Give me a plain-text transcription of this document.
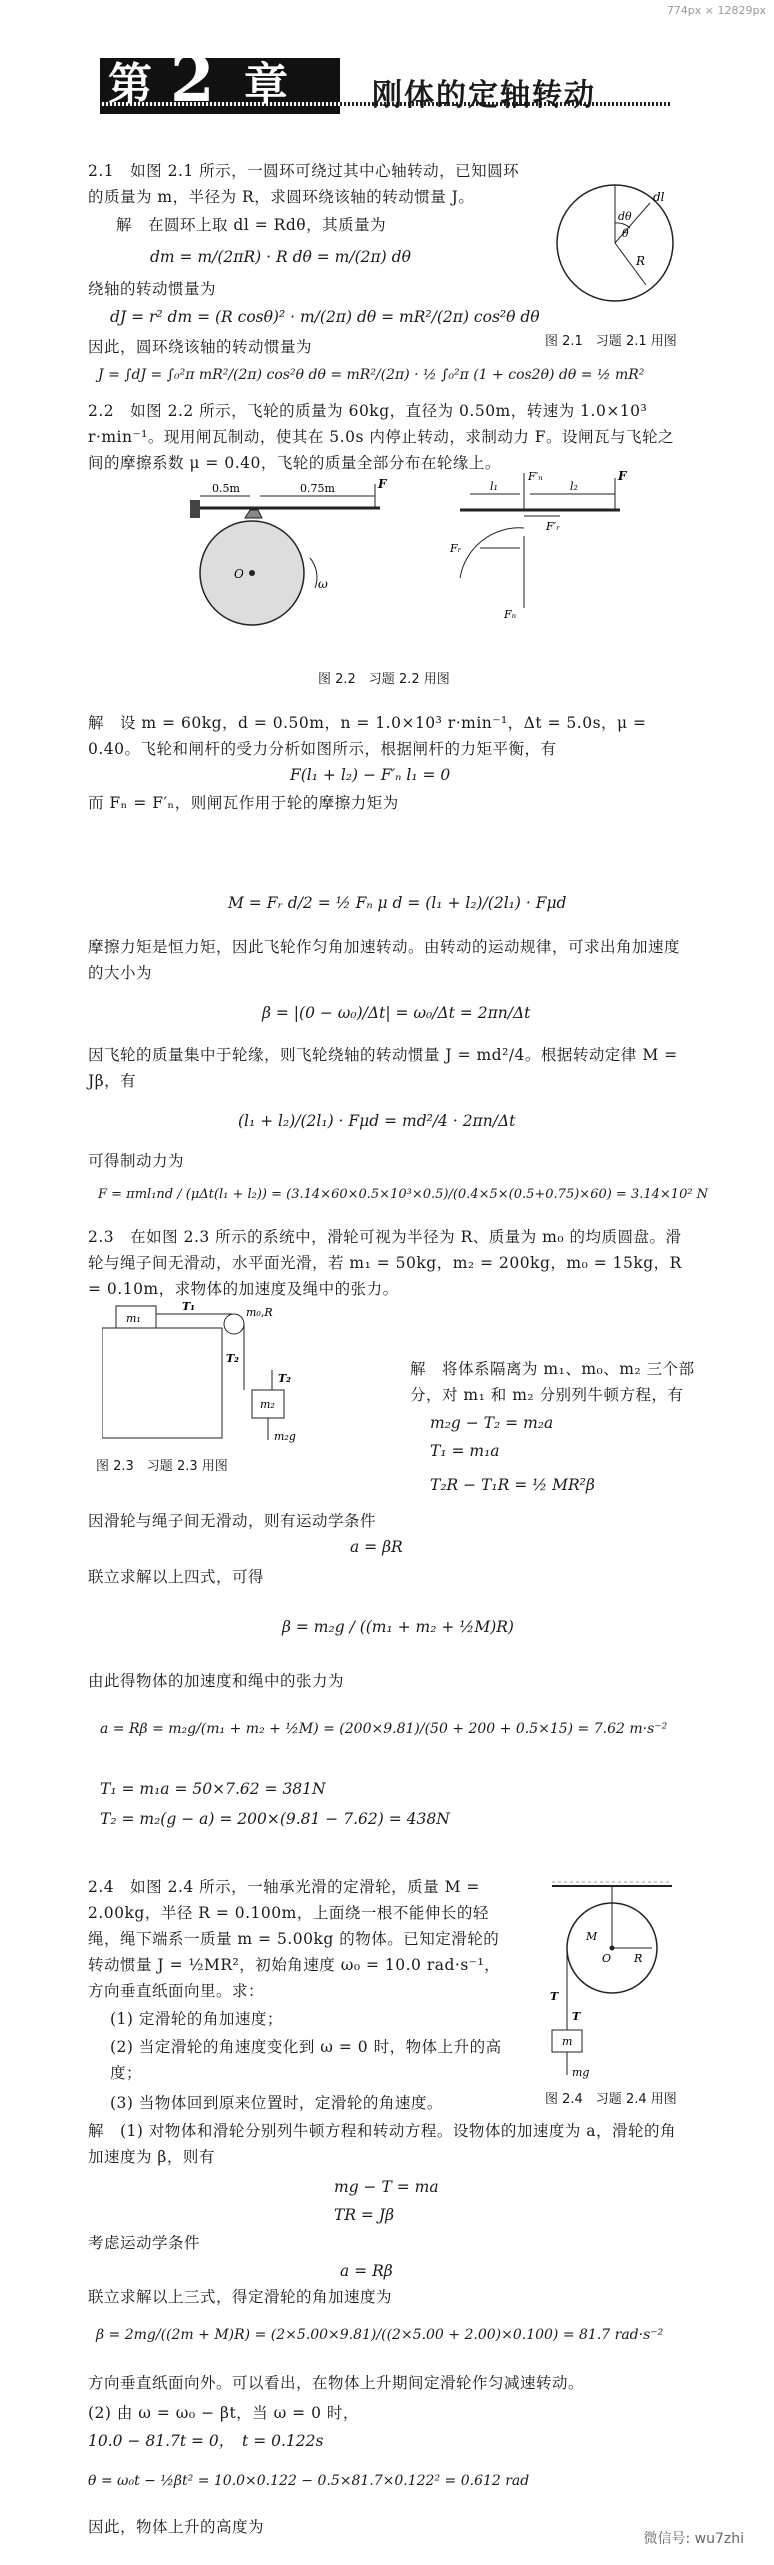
774px × 12829px
第 2 章	刚体的定轴转动

2.1　如图 2.1 所示，一圆环可绕过其中心轴转动，已知圆环的质量为 m，半径为 R，求圆环绕该轴的转动惯量 J。

解　在圆环上取 dl = Rdθ，其质量为

dm = m/(2πR) · R dθ = m/(2π) dθ

绕轴的转动惯量为

dJ = r² dm = (R cosθ)² · m/(2π) dθ = mR²/(2π) cos²θ dθ

因此，圆环绕该轴的转动惯量为

J = ∫dJ = ∫₀²π mR²/(2π) cos²θ dθ = mR²/(2π) · ½ ∫₀²π (1 + cos2θ) dθ = ½ mR²
dl
dθ
θ
R
图 2.1　习题 2.1 用图

2.2　如图 2.2 所示，飞轮的质量为 60kg，直径为 0.50m，转速为 1.0×10³ r·min⁻¹。现用闸瓦制动，使其在 5.0s 内停止转动，求制动力 F。设闸瓦与飞轮之间的摩擦系数 μ = 0.40，飞轮的质量全部分布在轮缘上。

0.5m	0.75m	F
O
ω
l₁	l₂
F
F′ₙ
F′ᵣ
Fₙ
Fᵣ
图 2.2　习题 2.2 用图

解　设 m = 60kg，d = 0.50m，n = 1.0×10³ r·min⁻¹，Δt = 5.0s，μ = 0.40。飞轮和闸杆的受力分析如图所示，根据闸杆的力矩平衡，有

F(l₁ + l₂) − F′ₙ l₁ = 0

而 Fₙ = F′ₙ，则闸瓦作用于轮的摩擦力矩为

M = Fᵣ d/2 = ½ Fₙ μ d = (l₁ + l₂)/(2l₁) · Fμd

摩擦力矩是恒力矩，因此飞轮作匀角加速转动。由转动的运动规律，可求出角加速度的大小为

β = |(0 − ω₀)/Δt| = ω₀/Δt = 2πn/Δt

因飞轮的质量集中于轮缘，则飞轮绕轴的转动惯量 J = md²/4。根据转动定律 M = Jβ，有

(l₁ + l₂)/(2l₁) · Fμd = md²/4 · 2πn/Δt

可得制动力为

F = πml₁nd / (μΔt(l₁ + l₂)) = (3.14×60×0.5×10³×0.5)/(0.4×5×(0.5+0.75)×60) = 3.14×10² N

2.3　在如图 2.3 所示的系统中，滑轮可视为半径为 R、质量为 m₀ 的均质圆盘。滑轮与绳子间无滑动，水平面光滑，若 m₁ = 50kg，m₂ = 200kg，m₀ = 15kg，R = 0.10m，求物体的加速度及绳中的张力。

m₁
T₁	m₀,R
T₂
T₂
m₂
m₂g
图 2.3　习题 2.3 用图

解　将体系隔离为 m₁、m₀、m₂ 三个部分，对 m₁ 和 m₂ 分别列牛顿方程，有

m₂g − T₂ = m₂a
T₁ = m₁a
T₂R − T₁R = ½ MR²β

因滑轮与绳子间无滑动，则有运动学条件

a = βR

联立求解以上四式，可得

β = m₂g / ((m₁ + m₂ + ½M)R)

由此得物体的加速度和绳中的张力为

a = Rβ = m₂g/(m₁ + m₂ + ½M) = (200×9.81)/(50 + 200 + 0.5×15) = 7.62 m·s⁻²
T₁ = m₁a = 50×7.62 = 381N
T₂ = m₂(g − a) = 200×(9.81 − 7.62) = 438N

2.4　如图 2.4 所示，一轴承光滑的定滑轮，质量 M = 2.00kg，半径 R = 0.100m，上面绕一根不能伸长的轻绳，绳下端系一质量 m = 5.00kg 的物体。已知定滑轮的转动惯量 J = ½MR²，初始角速度 ω₀ = 10.0 rad·s⁻¹，方向垂直纸面向里。求：

(1) 定滑轮的角加速度；

(2) 当定滑轮的角速度变化到 ω = 0 时，物体上升的高度；

(3) 当物体回到原来位置时，定滑轮的角速度。

M
O R
T
T
m
mg
图 2.4　习题 2.4 用图

解　(1) 对物体和滑轮分别列牛顿方程和转动方程。设物体的加速度为 a，滑轮的角加速度为 β，则有

mg − T = ma
TR = Jβ

考虑运动学条件

a = Rβ

联立求解以上三式，得定滑轮的角加速度为

β = 2mg/((2m + M)R) = (2×5.00×9.81)/((2×5.00 + 2.00)×0.100) = 81.7 rad·s⁻²

方向垂直纸面向外。可以看出，在物体上升期间定滑轮作匀减速转动。

(2) 由 ω = ω₀ − βt，当 ω = 0 时，

10.0 − 81.7t = 0，　t = 0.122s
θ = ω₀t − ½βt² = 10.0×0.122 − 0.5×81.7×0.122² = 0.612 rad

因此，物体上升的高度为

微信号: wu7zhi
